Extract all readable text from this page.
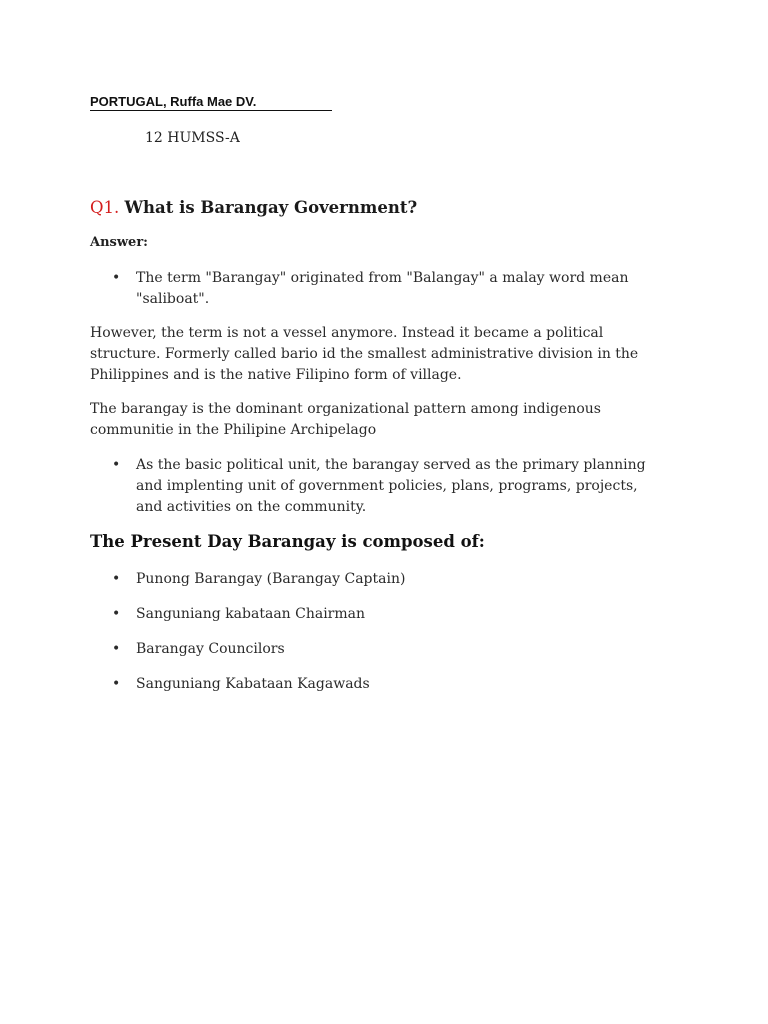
PORTUGAL, Ruffa Mae DV.
12 HUMSS-A
Q1. What is Barangay Government?
Answer:
• The term "Barangay" originated from "Balangay" a malay word mean
"saliboat".
However, the term is not a vessel anymore. Instead it became a political
structure. Formerly called bario id the smallest administrative division in the
Philippines and is the native Filipino form of village.
The barangay is the dominant organizational pattern among indigenous
communitie in the Philipine Archipelago
• As the basic political unit, the barangay served as the primary planning
and implenting unit of government policies, plans, programs, projects,
and activities on the community.
The Present Day Barangay is composed of:
• Punong Barangay (Barangay Captain)
• Sanguniang kabataan Chairman
• Barangay Councilors
• Sanguniang Kabataan Kagawads
